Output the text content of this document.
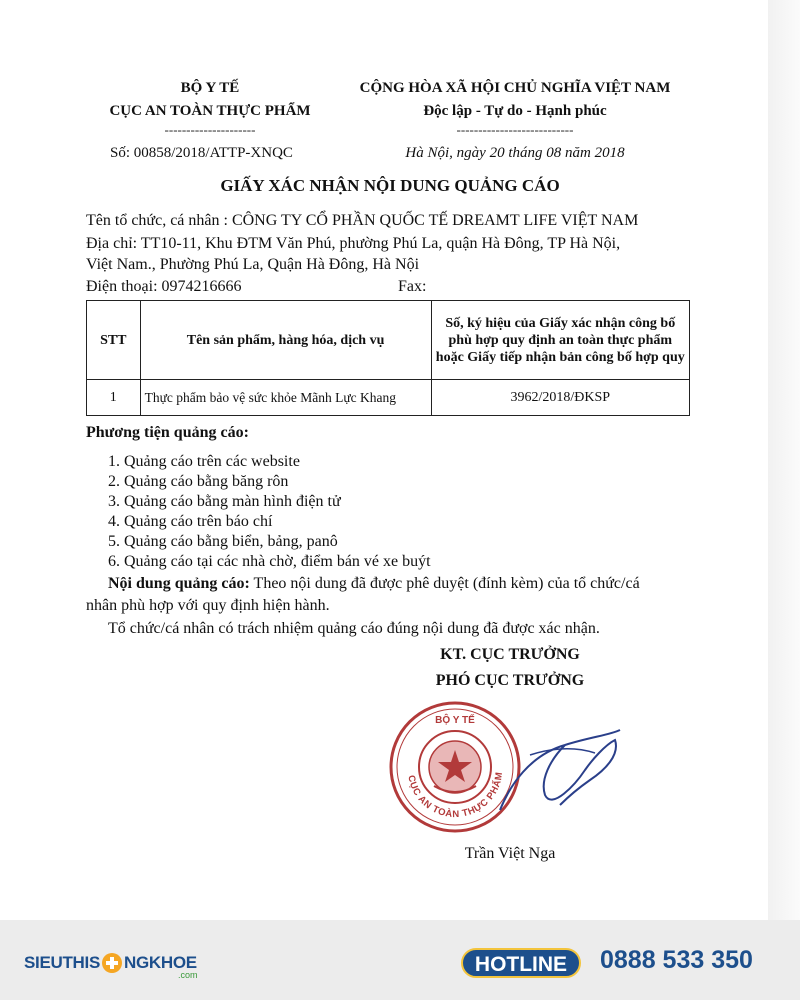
BỘ Y TẾ
CỤC AN TOÀN THỰC PHẨM
---------------------
Số: 00858/2018/ATTP-XNQC
CỘNG HÒA XÃ HỘI CHỦ NGHĨA VIỆT NAM
Độc lập - Tự do - Hạnh phúc
---------------------------
Hà Nội, ngày 20 tháng 08 năm 2018
GIẤY XÁC NHẬN NỘI DUNG QUẢNG CÁO
Tên tổ chức, cá nhân : CÔNG TY CỔ PHẦN QUỐC TẾ DREAMT LIFE VIỆT NAM
Địa chỉ: TT10-11, Khu ĐTM Văn Phú, phường Phú La, quận Hà Đông, TP Hà Nội,
Việt Nam., Phường Phú La, Quận Hà Đông, Hà Nội
Điện thoại: 0974216666	Fax:
STT	Tên sản phẩm, hàng hóa, dịch vụ	Số, ký hiệu của Giấy xác nhận công bố phù hợp quy định an toàn thực phẩm hoặc Giấy tiếp nhận bản công bố hợp quy
1	Thực phẩm bảo vệ sức khỏe Mãnh Lực Khang	3962/2018/ĐKSP
Phương tiện quảng cáo:
1. Quảng cáo trên các website
2. Quảng cáo bằng băng rôn
3. Quảng cáo bằng màn hình điện tử
4. Quảng cáo trên báo chí
5. Quảng cáo bằng biển, bảng, panô
6. Quảng cáo tại các nhà chờ, điểm bán vé xe buýt
Nội dung quảng cáo: Theo nội dung đã được phê duyệt (đính kèm) của tổ chức/cá
nhân phù hợp với quy định hiện hành.
Tổ chức/cá nhân có trách nhiệm quảng cáo đúng nội dung đã được xác nhận.
KT. CỤC TRƯỞNG
PHÓ CỤC TRƯỞNG
BỘ Y TẾ
CỤC AN TOÀN THỰC PHẨM
Trần Việt Nga
SIEUTHIS NGKHOE
.com	HOTLINE	0888 533 350
